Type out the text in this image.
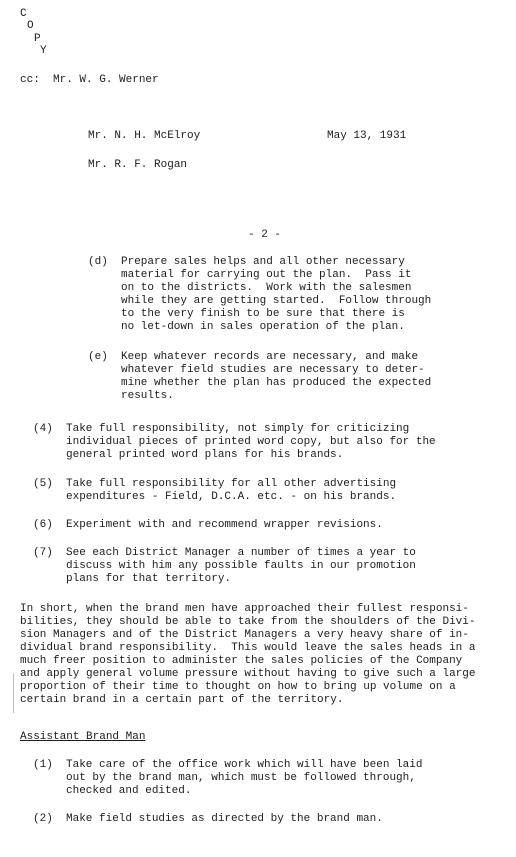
C
O
P
Y
cc:  Mr. W. G. Werner
Mr. N. H. McElroy	May 13, 1931
Mr. R. F. Rogan
- 2 -
(d) Prepare sales helps and all other necessary
material for carrying out the plan.  Pass it
on to the districts.  Work with the salesmen
while they are getting started.  Follow through
to the very finish to be sure that there is
no let-down in sales operation of the plan.
(e) Keep whatever records are necessary, and make
whatever field studies are necessary to deter-
mine whether the plan has produced the expected
results.
(4) Take full responsibility, not simply for criticizing
individual pieces of printed word copy, but also for the
general printed word plans for his brands.
(5) Take full responsibility for all other advertising
expenditures - Field, D.C.A. etc. - on his brands.
(6) Experiment with and recommend wrapper revisions.
(7) See each District Manager a number of times a year to
discuss with him any possible faults in our promotion
plans for that territory.
In short, when the brand men have approached their fullest responsi-
bilities, they should be able to take from the shoulders of the Divi-
sion Managers and of the District Managers a very heavy share of in-
dividual brand responsibility.  This would leave the sales heads in a
much freer position to administer the sales policies of the Company
and apply general volume pressure without having to give such a large
proportion of their time to thought on how to bring up volume on a
certain brand in a certain part of the territory.
Assistant Brand Man
(1) Take care of the office work which will have been laid
out by the brand man, which must be followed through,
checked and edited.
(2) Make field studies as directed by the brand man.
